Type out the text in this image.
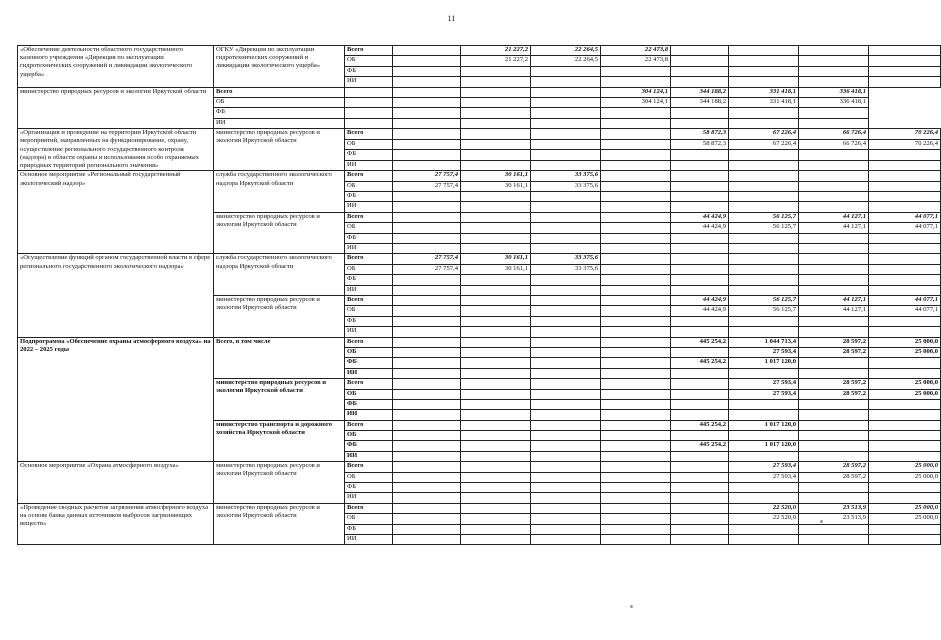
11
«Обеспечение деятельности областного государственного казенного учреждения «Дирекция по эксплуатации гидротехнических сооружений и ликвидации экологического ущерба»	ОГКУ «Дирекция по эксплуатации гидротехнических сооружений и ликвидации экологического ущерба»	Всего		21 227,2	22 264,5	22 473,8				
		ОБ		21 227,2	22 264,5	22 473,8				
		ФБ								
		ИИ								
министерство природных ресурсов и экологии Иркутской области	Всего					304 124,1	344 188,2	331 418,1	336 418,1	
	ОБ					304 124,1	344 188,2	331 418,1	336 418,1	
	ФБ									
	ИИ									
«Организация и проведение на территории Иркутской области мероприятий, направленных на функционирование, охрану, осуществление регионального государственного контроля (надзора) в области охраны и использования особо охраняемых природных территорий регионального значения»	министерство природных ресурсов и экологии Иркутской области	Всего					58 872,3	67 226,4	66 726,4	70 226,4
		ОБ					58 872,3	67 226,4	66 726,4	70 226,4
		ФБ								
		ИИ								
Основное мероприятие «Региональный государственный экологический надзор»	служба государственного экологического надзора Иркутской области	Всего	27 757,4	30 161,1	33 375,6					
		ОБ	27 757,4	30 161,1	33 375,6					
		ФБ								
		ИИ								
	министерство природных ресурсов и экологии Иркутской области	Всего					44 424,9	56 125,7	44 127,1	44 077,1
		ОБ					44 424,9	56 125,7	44 127,1	44 077,1
		ФБ								
		ИИ								
«Осуществление функций органом государственной власти в сфере регионального государственного экологического надзора»	служба государственного экологического надзора Иркутской области	Всего	27 757,4	30 161,1	33 375,6					
		ОБ	27 757,4	30 161,1	33 375,6					
		ФБ								
		ИИ								
	министерство природных ресурсов и экологии Иркутской области	Всего					44 424,9	56 125,7	44 127,1	44 077,1
		ОБ					44 424,9	56 125,7	44 127,1	44 077,1
		ФБ								
		ИИ								
Подпрограмма «Обеспечение охраны атмосферного воздуха» на 2022 – 2025 годы	Всего, в том числе	Всего					445 254,2	1 044 713,4	28 597,2	25 000,0
		ОБ						27 593,4	28 597,2	25 000,0
		ФБ					445 254,2	1 017 120,0		
		ИИ								
	министерство природных ресурсов и экологии Иркутской области	Всего						27 593,4	28 597,2	25 000,0
		ОБ						27 593,4	28 597,2	25 000,0
		ФБ								
		ИИ								
	министерство транспорта и дорожного хозяйства Иркутской области	Всего					445 254,2	1 017 120,0		
		ОБ								
		ФБ					445 254,2	1 017 120,0		
		ИИ								
Основное мероприятие «Охрана атмосферного воздуха»	министерство природных ресурсов и экологии Иркутской области	Всего						27 593,4	28 597,2	25 000,0
		ОБ						27 593,4	28 597,2	25 000,0
		ФБ								
		ИИ								
«Проведение сводных расчетов загрязнения атмосферного воздуха на основе банка данных источников выбросов загрязняющих веществ»	министерство природных ресурсов и экологии Иркутской области	Всего						22 520,0	23 513,9	25 000,0
		ОБ						22 520,0	23 513,9	25 000,0
		ФБ								
		ИИ								
